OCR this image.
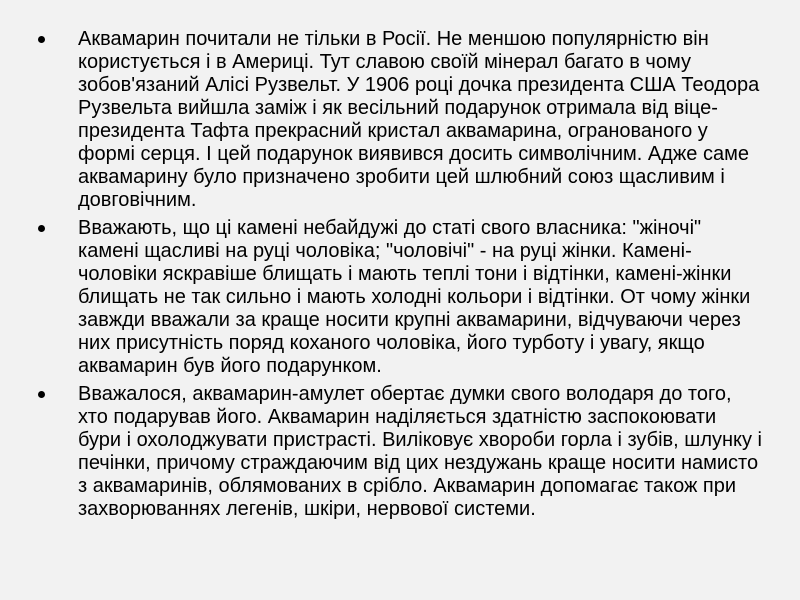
Аквамарин почитали не тільки в Росії. Не меншою популярністю він користується і в Америці. Тут славою своїй мінерал багато в чому зобов'язаний Алісі Рузвельт. У 1906 році дочка президента США Теодора Рузвельта вийшла заміж і як весільний подарунок отримала від віце-президента Тафта прекрасний кристал аквамарина, огранованого у формі серця. І цей подарунок виявився досить символічним. Адже саме аквамарину було призначено зробити цей шлюбний союз щасливим і довговічним.
Вважають, що ці камені небайдужі до статі свого власника: "жіночі" камені щасливі на руці чоловіка; "чоловічі" - на руці жінки. Камені-чоловіки яскравіше блищать і мають теплі тони і відтінки, камені-жінки блищать не так сильно і мають холодні кольори і відтінки. От чому жінки завжди вважали за краще носити крупні аквамарини, відчуваючи через них присутність поряд коханого чоловіка, його турботу і увагу, якщо аквамарин був його подарунком.
Вважалося, аквамарин-амулет обертає думки свого володаря до того, хто подарував його. Аквамарин наділяється здатністю заспокоювати бури і охолоджувати пристрасті. Виліковує хвороби горла і зубів, шлунку і печінки, причому страждаючим від цих нездужань краще носити намисто з аквамаринів, облямованих в срібло. Аквамарин допомагає також при захворюваннях легенів, шкіри, нервової системи.
